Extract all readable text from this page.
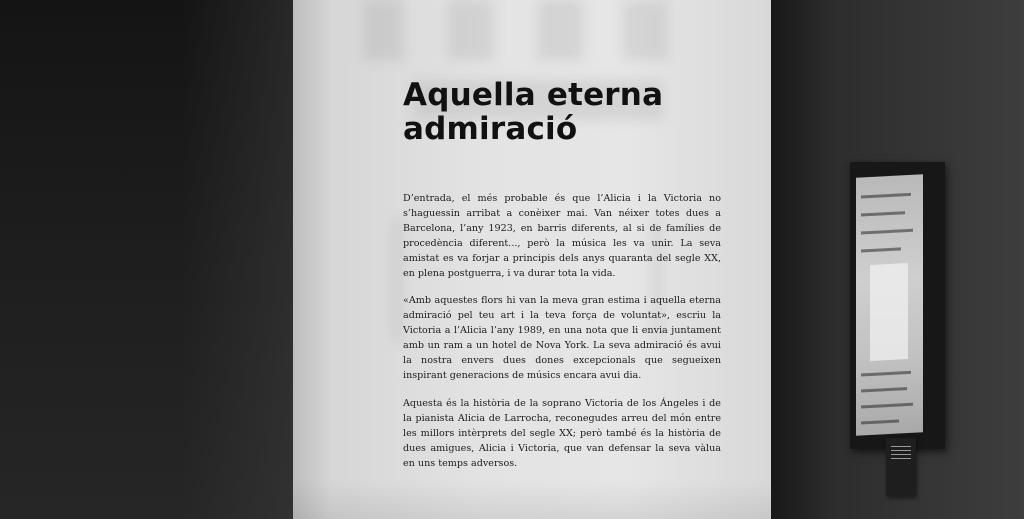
Aquella eterna
admiració

D’entrada, el més probable és que l’Alicia i la Victoria no s’haguessin arribat a conèixer mai. Van néixer totes dues a Barcelona, l’any 1923, en barris diferents, al si de famílies de procedència diferent..., però la música les va unir. La seva amistat es va forjar a principis dels anys quaranta del segle XX, en plena postguerra, i va durar tota la vida.

«Amb aquestes flors hi van la meva gran estima i aquella eterna admiració pel teu art i la teva força de voluntat», escriu la Victoria a l’Alicia l’any 1989, en una nota que li envia juntament amb un ram a un hotel de Nova York. La seva admiració és avui la nostra envers dues dones excepcionals que segueixen inspirant generacions de músics encara avui dia.

Aquesta és la història de la soprano Victoria de los Ángeles i de la pianista Alicia de Larrocha, reconegudes arreu del món entre les millors intèrprets del segle XX; però també és la història de dues amigues, Alicia i Victoria, que van defensar la seva vàlua en uns temps adversos.
